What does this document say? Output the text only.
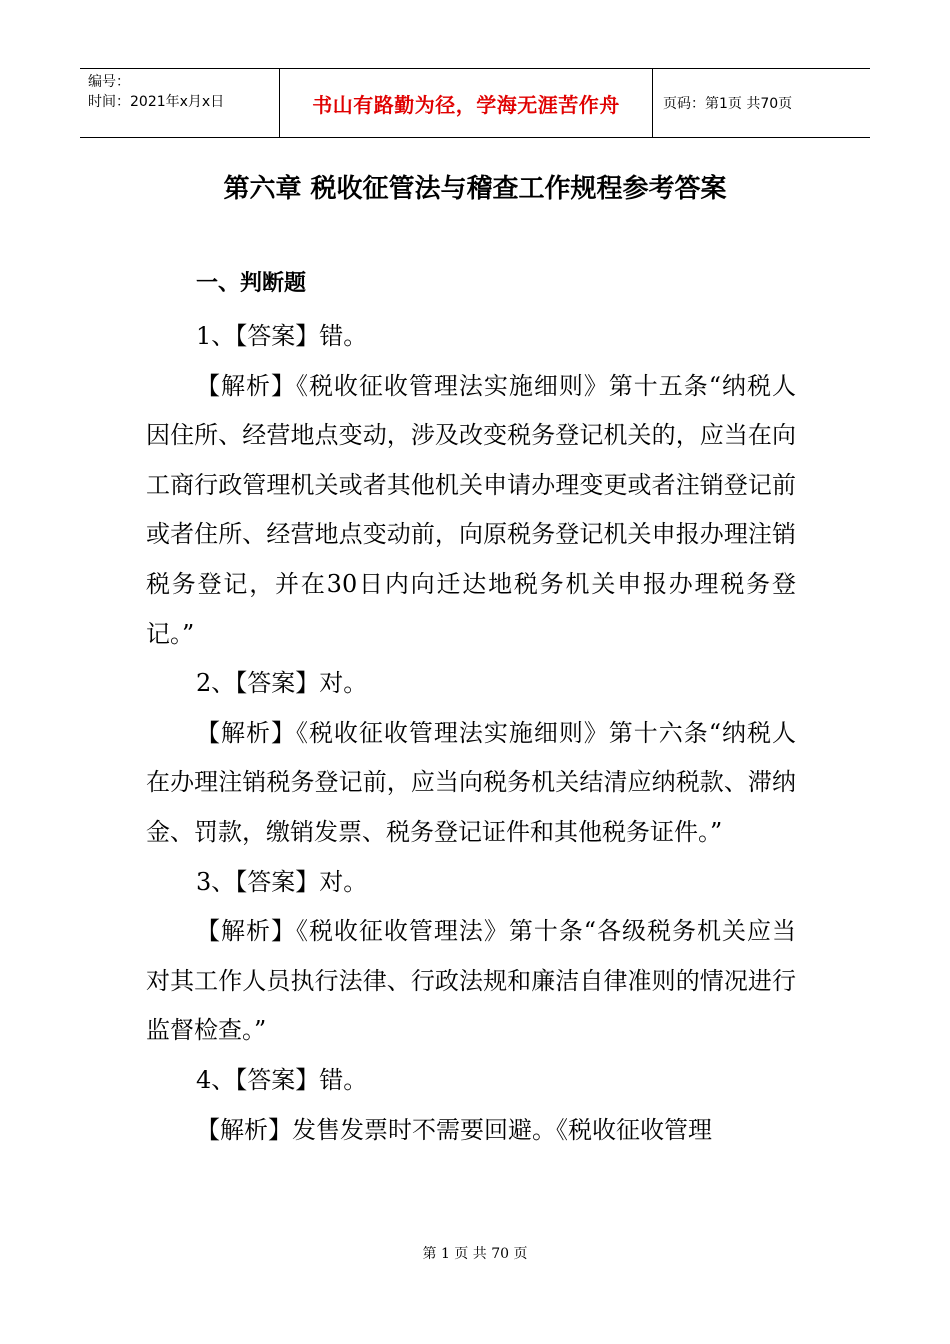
编号：
时间：2021年x月x日	书山有路勤为径，学海无涯苦作舟	页码：第1页 共70页
第六章 税收征管法与稽查工作规程参考答案
一、判断题
1、【答案】错。
【解析】《税收征收管理法实施细则》第十五条“纳税人因住所、经营地点变动，涉及改变税务登记机关的，应当在向工商行政管理机关或者其他机关申请办理变更或者注销登记前或者住所、经营地点变动前，向原税务登记机关申报办理注销税务登记，并在30日内向迁达地税务机关申报办理税务登记。”
2、【答案】对。
【解析】《税收征收管理法实施细则》第十六条“纳税人在办理注销税务登记前，应当向税务机关结清应纳税款、滞纳金、罚款，缴销发票、税务登记证件和其他税务证件。”
3、【答案】对。
【解析】《税收征收管理法》第十条“各级税务机关应当对其工作人员执行法律、行政法规和廉洁自律准则的情况进行监督检查。”
4、【答案】错。
【解析】发售发票时不需要回避。《税收征收管理
第 1 页 共 70 页
